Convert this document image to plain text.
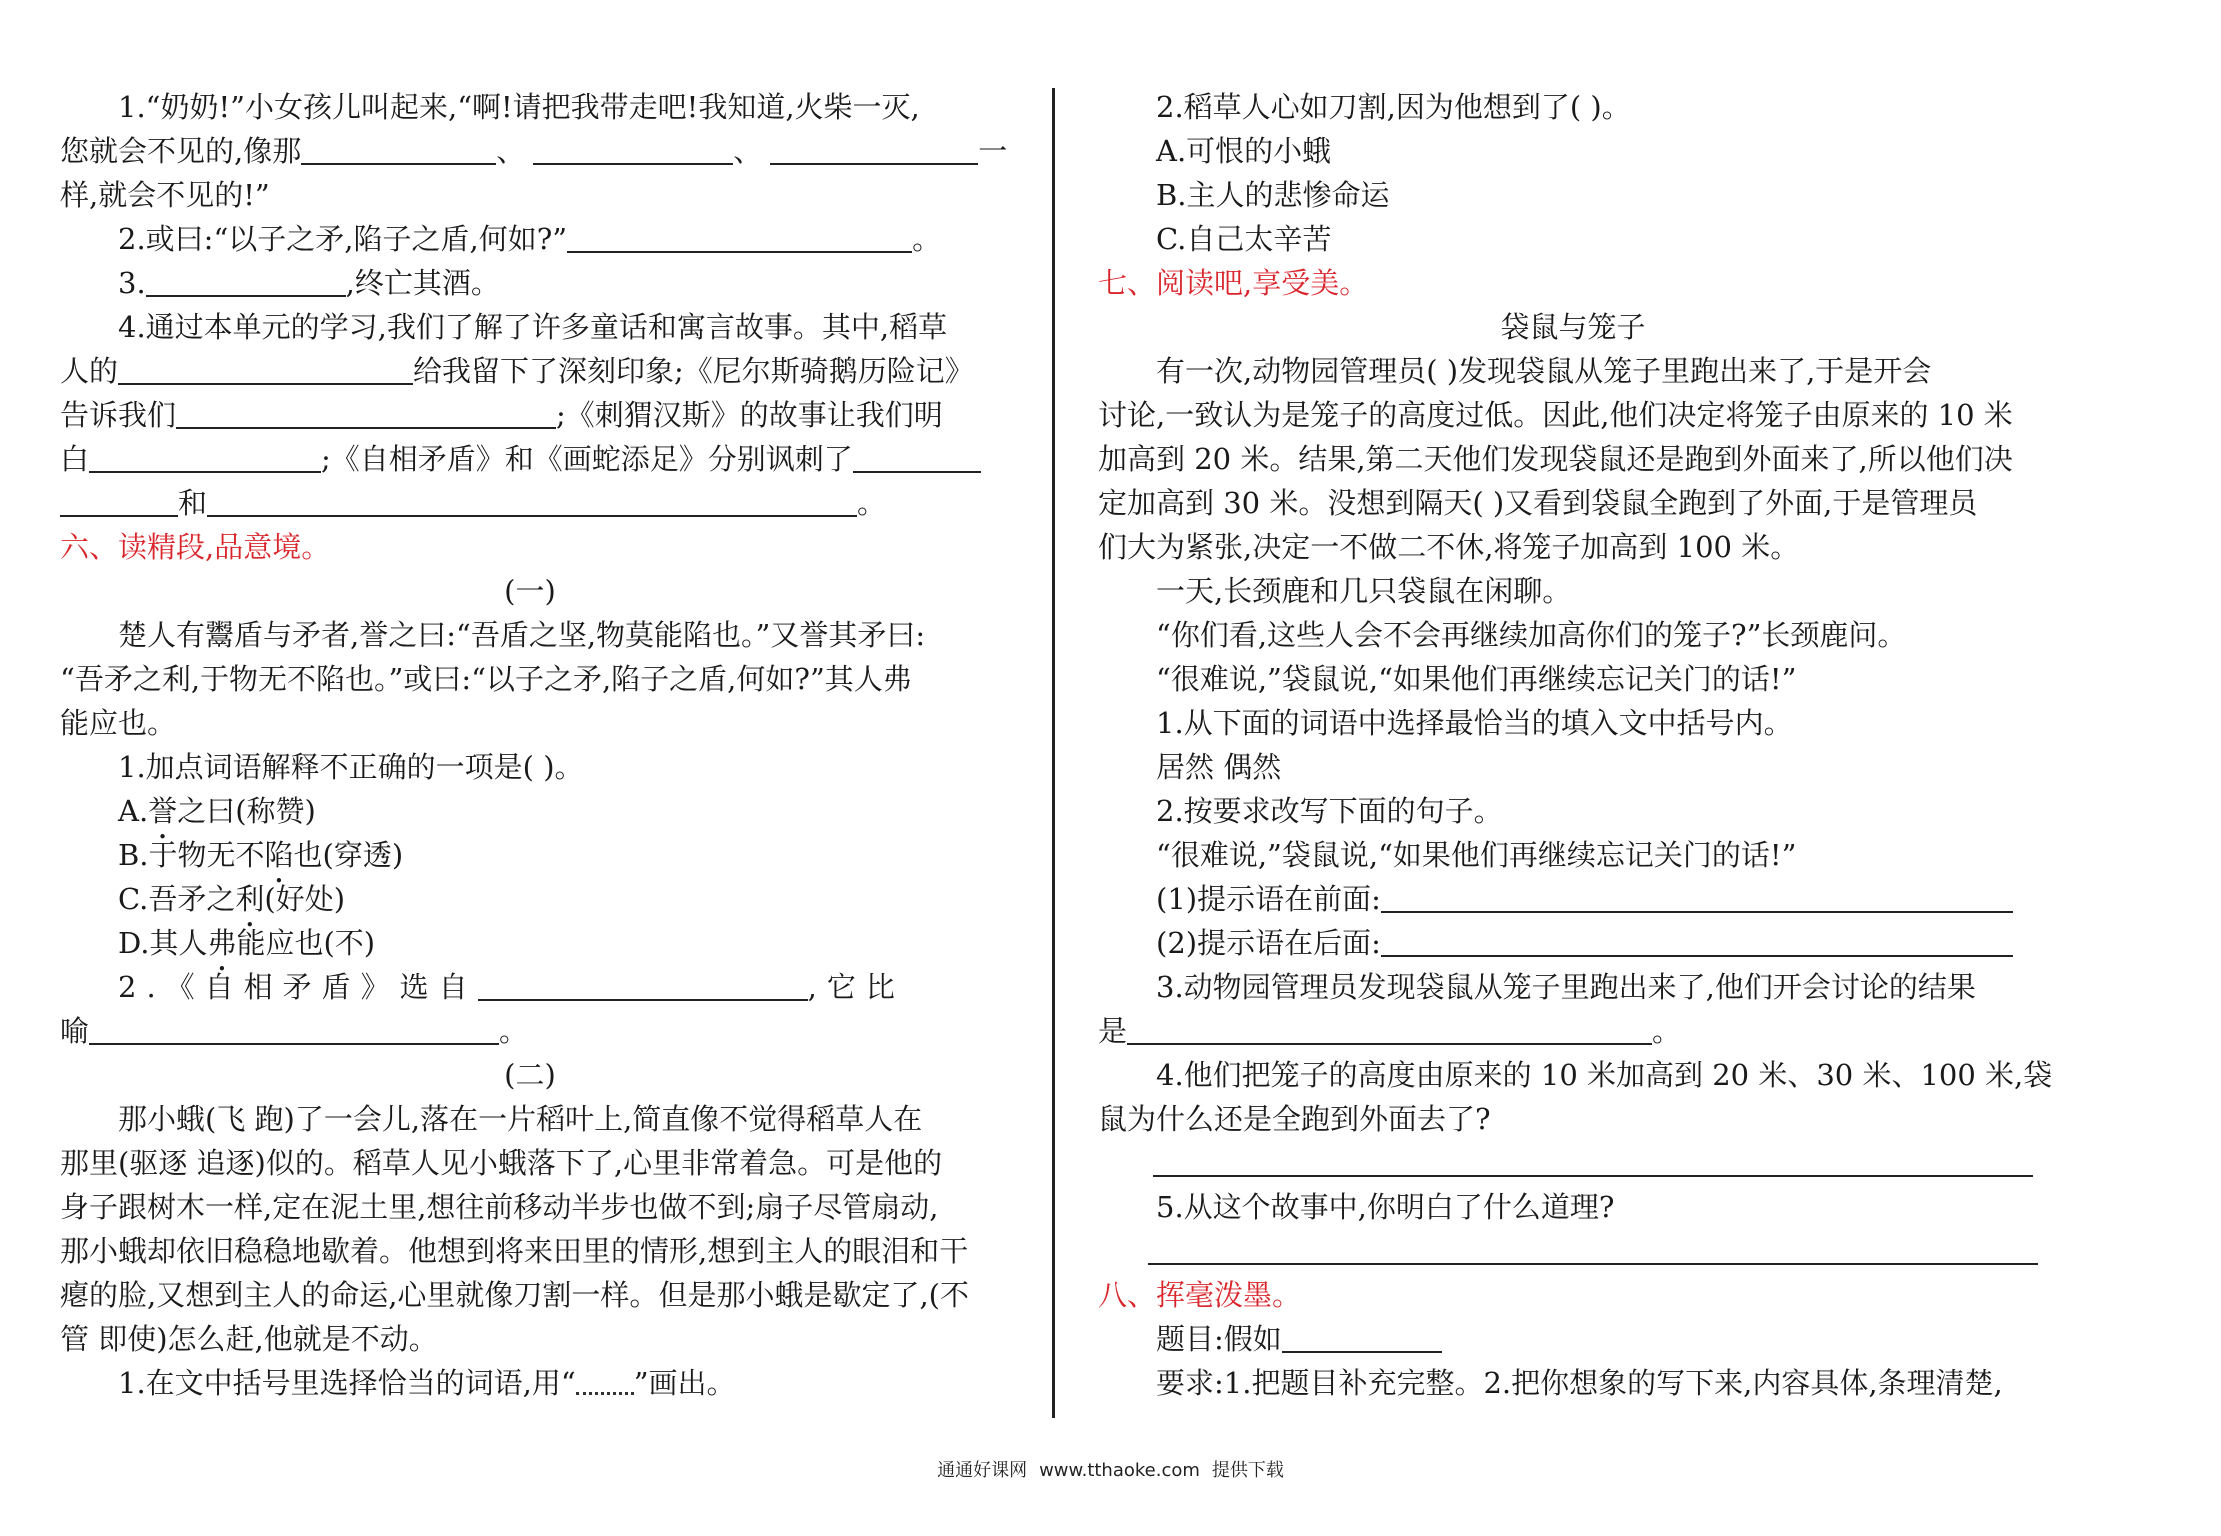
1.“奶奶!”小女孩儿叫起来,“啊!请把我带走吧!我知道,火柴一灭,
您就会不见的,像那	、	、	一
样,就会不见的!”
2.或曰:“以子之矛,陷子之盾,何如?”	。
3.	,终亡其酒。
4.通过本单元的学习,我们了解了许多童话和寓言故事。其中,稻草
人的	给我留下了深刻印象;《尼尔斯骑鹅历险记》
告诉我们	;《刺猬汉斯》的故事让我们明
白	;《自相矛盾》和《画蛇添足》分别讽刺了
和	。
六、读精段,品意境。
(一)
楚人有鬻盾与矛者,誉之曰:“吾盾之坚,物莫能陷也。”又誉其矛曰:
“吾矛之利,于物无不陷也。”或曰:“以子之矛,陷子之盾,何如?”其人弗
能应也。
1.加点词语解释不正确的一项是( )。
A.誉之曰(称赞)
B.于物无不陷也(穿透)
C.吾矛之利(好处)
D.其人弗能应也(不)
2.《自相矛盾》选自	,它比
喻	。
(二)
那小蛾(飞 跑)了一会儿,落在一片稻叶上,简直像不觉得稻草人在
那里(驱逐 追逐)似的。稻草人见小蛾落下了,心里非常着急。可是他的
身子跟树木一样,定在泥土里,想往前移动半步也做不到;扇子尽管扇动,
那小蛾却依旧稳稳地歇着。他想到将来田里的情形,想到主人的眼泪和干
瘪的脸,又想到主人的命运,心里就像刀割一样。但是那小蛾是歇定了,(不
管 即使)怎么赶,他就是不动。
1.在文中括号里选择恰当的词语,用“ ”画出。
2.稻草人心如刀割,因为他想到了( )。
A.可恨的小蛾
B.主人的悲惨命运
C.自己太辛苦
七、阅读吧,享受美。
袋鼠与笼子
有一次,动物园管理员( )发现袋鼠从笼子里跑出来了,于是开会
讨论,一致认为是笼子的高度过低。因此,他们决定将笼子由原来的 10 米
加高到 20 米。结果,第二天他们发现袋鼠还是跑到外面来了,所以他们决
定加高到 30 米。没想到隔天( )又看到袋鼠全跑到了外面,于是管理员
们大为紧张,决定一不做二不休,将笼子加高到 100 米。
一天,长颈鹿和几只袋鼠在闲聊。
“你们看,这些人会不会再继续加高你们的笼子?”长颈鹿问。
“很难说,”袋鼠说,“如果他们再继续忘记关门的话!”
1.从下面的词语中选择最恰当的填入文中括号内。
居然 偶然
2.按要求改写下面的句子。
“很难说,”袋鼠说,“如果他们再继续忘记关门的话!”
(1)提示语在前面:
(2)提示语在后面:
3.动物园管理员发现袋鼠从笼子里跑出来了,他们开会讨论的结果
是	。
4.他们把笼子的高度由原来的 10 米加高到 20 米、30 米、100 米,袋
鼠为什么还是全跑到外面去了?
5.从这个故事中,你明白了什么道理?
八、挥毫泼墨。
题目:假如
要求:1.把题目补充完整。2.把你想象的写下来,内容具体,条理清楚,
通通好课网 www.tthaoke.com 提供下载
